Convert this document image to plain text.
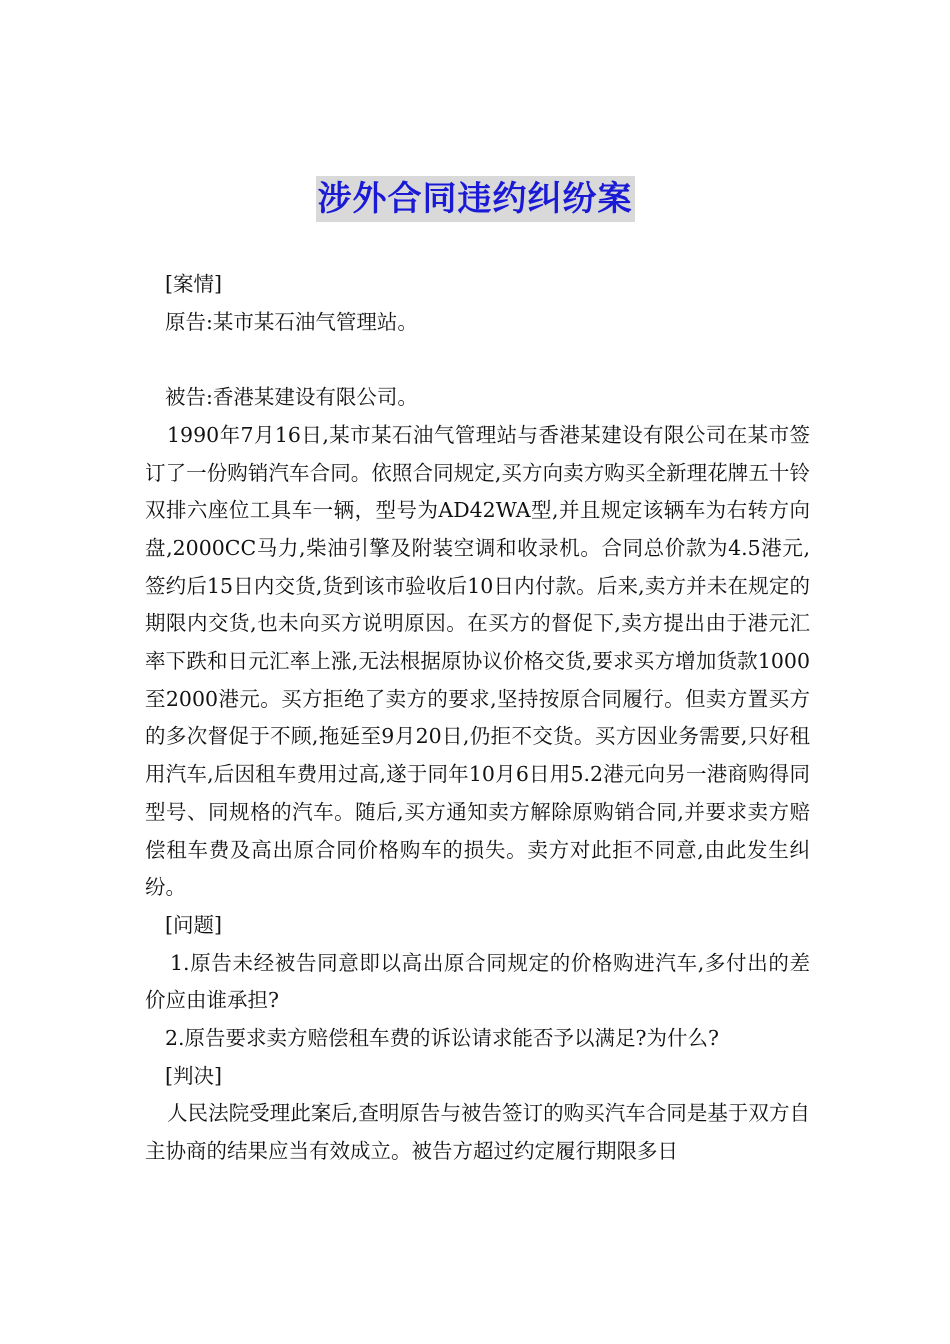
涉外合同违约纠纷案

[案情]

原告:某市某石油气管理站。

被告:香港某建设有限公司。

1990年7月16日,某市某石油气管理站与香港某建设有限公司在某市签订了一份购销汽车合同。依照合同规定,买方向卖方购买全新理花牌五十铃双排六座位工具车一辆，型号为AD42WA型,并且规定该辆车为右转方向盘,2000CC马力,柴油引擎及附装空调和收录机。合同总价款为4.5港元,签约后15日内交货,货到该市验收后10日内付款。后来,卖方并未在规定的期限内交货,也未向买方说明原因。在买方的督促下,卖方提出由于港元汇率下跌和日元汇率上涨,无法根据原协议价格交货,要求买方增加货款1000至2000港元。买方拒绝了卖方的要求,坚持按原合同履行。但卖方置买方的多次督促于不顾,拖延至9月20日,仍拒不交货。买方因业务需要,只好租用汽车,后因租车费用过高,遂于同年10月6日用5.2港元向另一港商购得同型号、同规格的汽车。随后,买方通知卖方解除原购销合同,并要求卖方赔偿租车费及高出原合同价格购车的损失。卖方对此拒不同意,由此发生纠纷。

[问题]

1.原告未经被告同意即以高出原合同规定的价格购进汽车,多付出的差价应由谁承担?

2.原告要求卖方赔偿租车费的诉讼请求能否予以满足?为什么?

[判决]

人民法院受理此案后,查明原告与被告签订的购买汽车合同是基于双方自主协商的结果应当有效成立。被告方超过约定履行期限多日
